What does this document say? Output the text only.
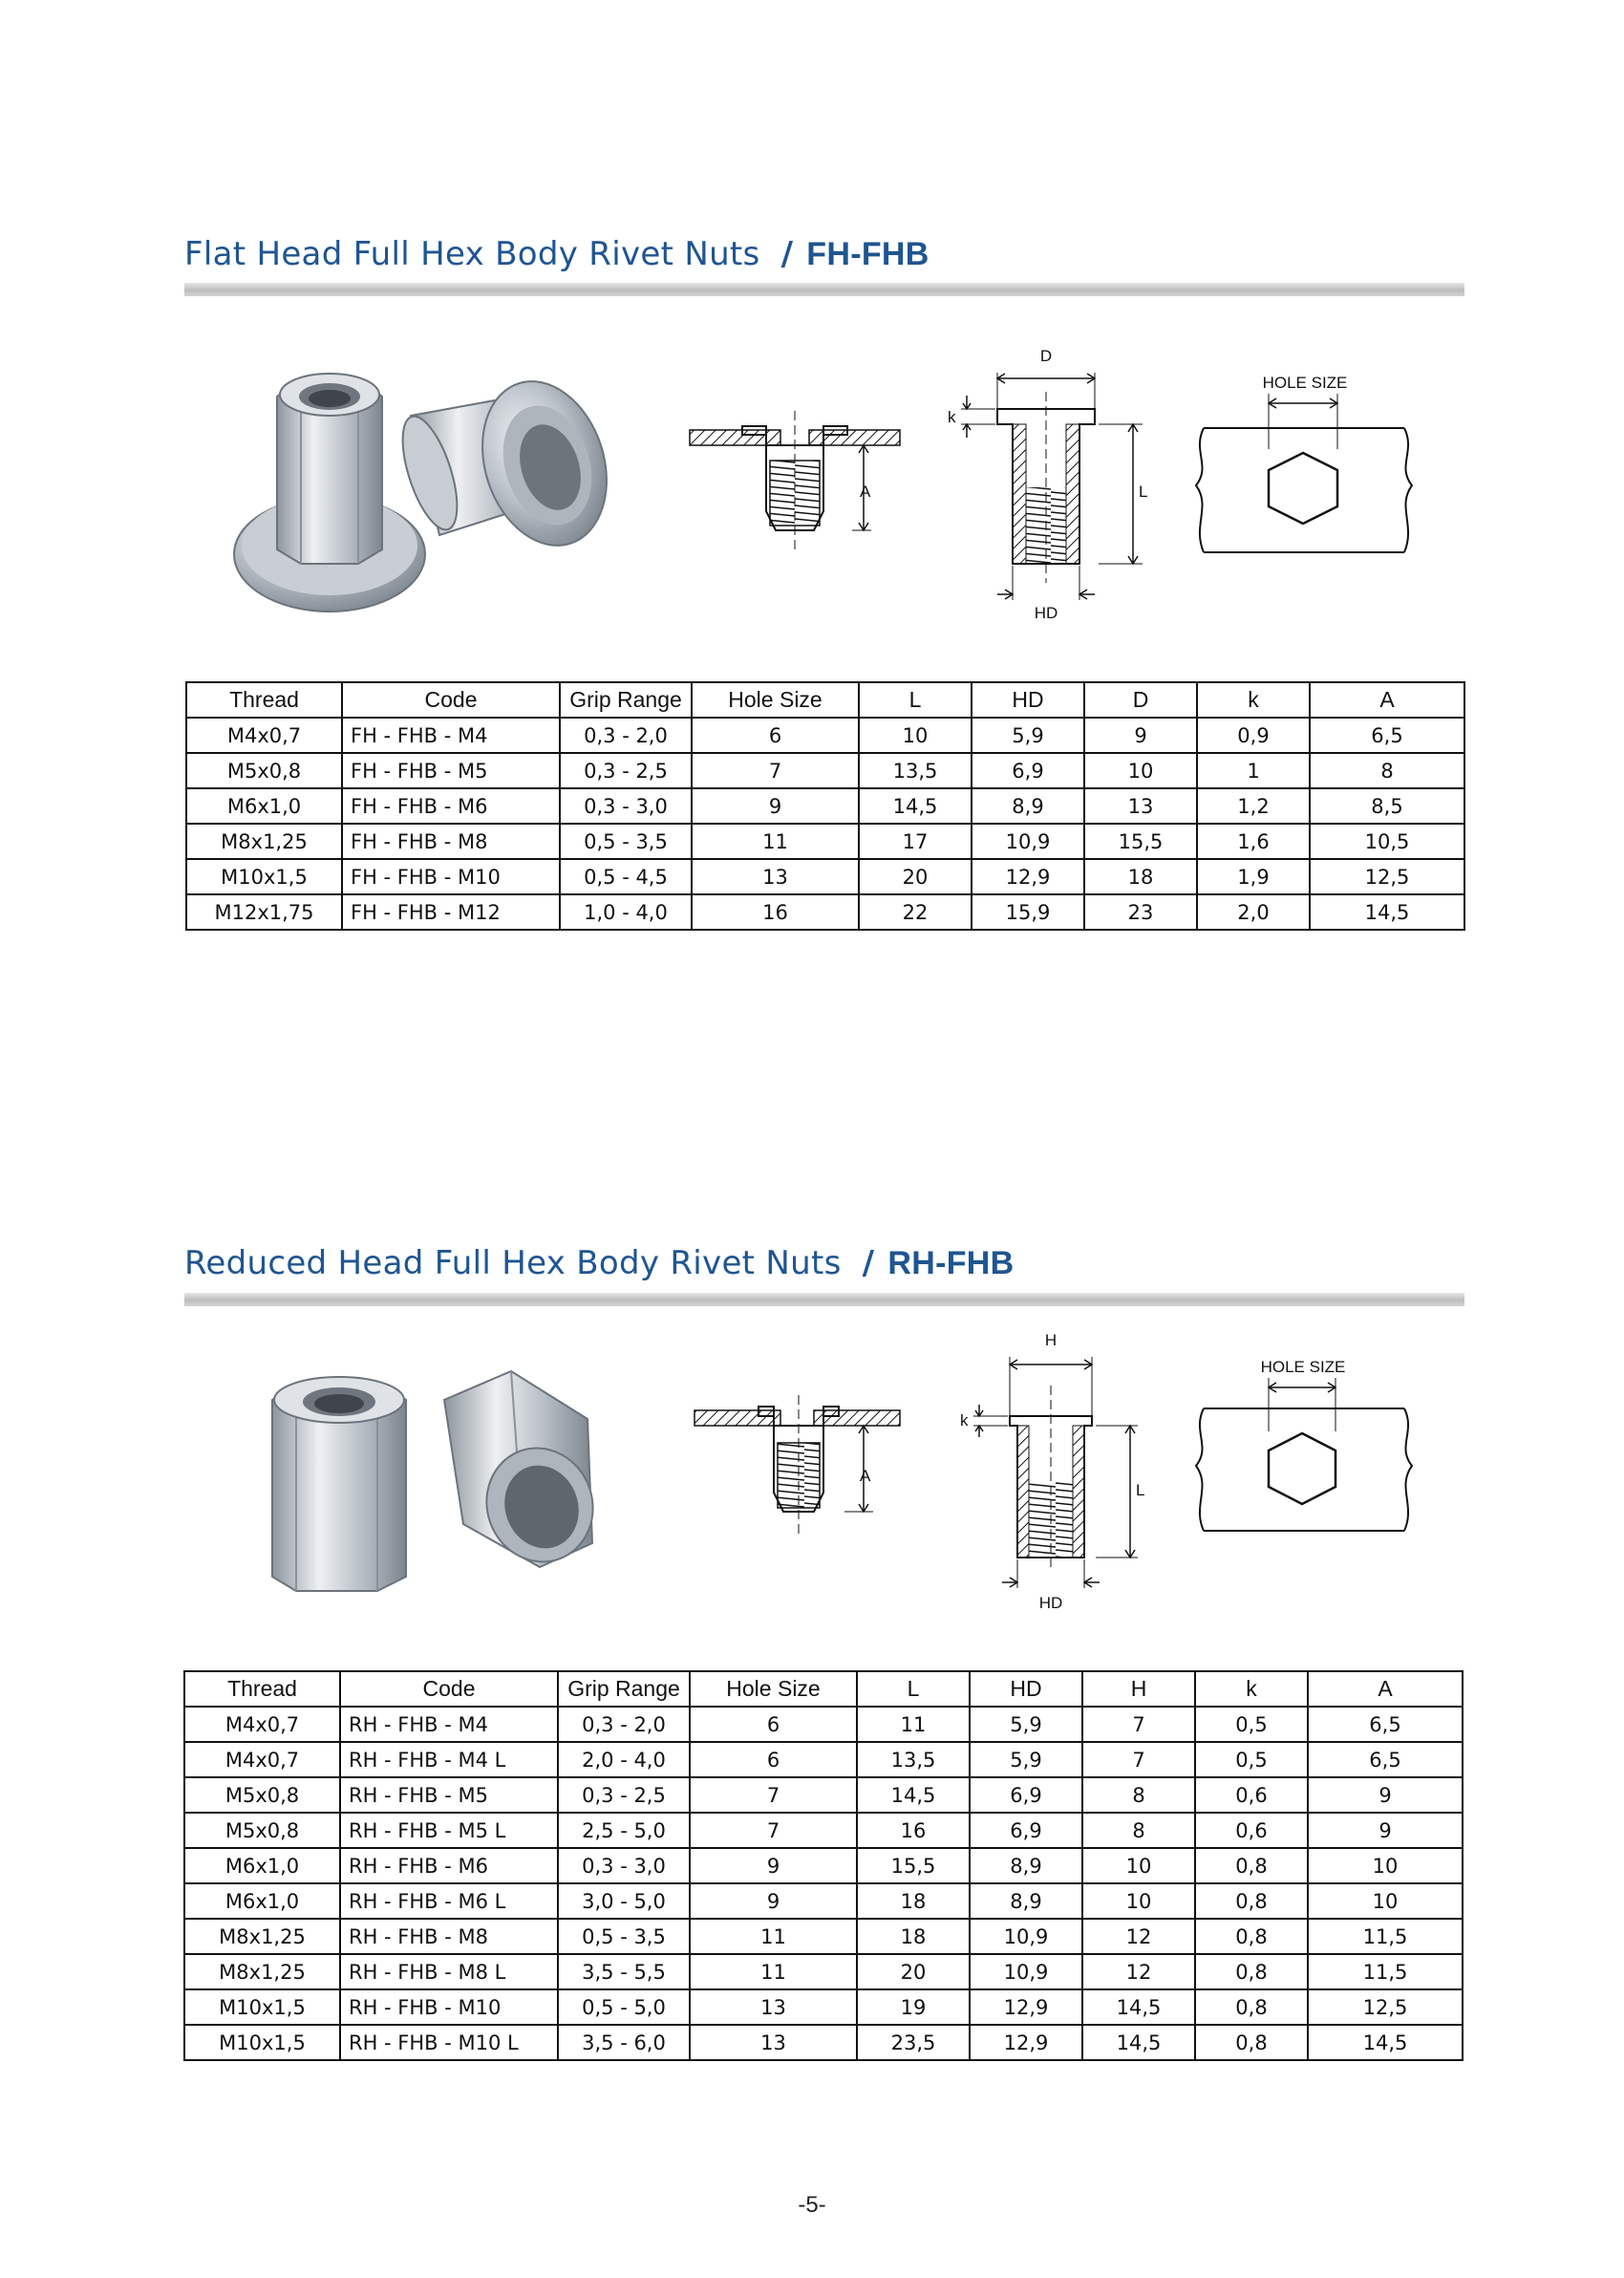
Flat Head Full Hex Body Rivet Nuts / FH-FHB
A
D
k
L
HD
HOLE SIZE
Thread	Code	Grip Range	Hole Size	L	HD	D	k	A
M4x0,7	FH - FHB - M4	0,3 - 2,0	6	10	5,9	9	0,9	6,5
M5x0,8	FH - FHB - M5	0,3 - 2,5	7	13,5	6,9	10	1	8
M6x1,0	FH - FHB - M6	0,3 - 3,0	9	14,5	8,9	13	1,2	8,5
M8x1,25	FH - FHB - M8	0,5 - 3,5	11	17	10,9	15,5	1,6	10,5
M10x1,5	FH - FHB - M10	0,5 - 4,5	13	20	12,9	18	1,9	12,5
M12x1,75	FH - FHB - M12	1,0 - 4,0	16	22	15,9	23	2,0	14,5
Reduced Head Full Hex Body Rivet Nuts / RH-FHB
A
H
k
L
HD
HOLE SIZE
Thread	Code	Grip Range	Hole Size	L	HD	H	k	A
M4x0,7	RH - FHB - M4	0,3 - 2,0	6	11	5,9	7	0,5	6,5
M4x0,7	RH - FHB - M4 L	2,0 - 4,0	6	13,5	5,9	7	0,5	6,5
M5x0,8	RH - FHB - M5	0,3 - 2,5	7	14,5	6,9	8	0,6	9
M5x0,8	RH - FHB - M5 L	2,5 - 5,0	7	16	6,9	8	0,6	9
M6x1,0	RH - FHB - M6	0,3 - 3,0	9	15,5	8,9	10	0,8	10
M6x1,0	RH - FHB - M6 L	3,0 - 5,0	9	18	8,9	10	0,8	10
M8x1,25	RH - FHB - M8	0,5 - 3,5	11	18	10,9	12	0,8	11,5
M8x1,25	RH - FHB - M8 L	3,5 - 5,5	11	20	10,9	12	0,8	11,5
M10x1,5	RH - FHB - M10	0,5 - 5,0	13	19	12,9	14,5	0,8	12,5
M10x1,5	RH - FHB - M10 L	3,5 - 6,0	13	23,5	12,9	14,5	0,8	14,5
-5-
